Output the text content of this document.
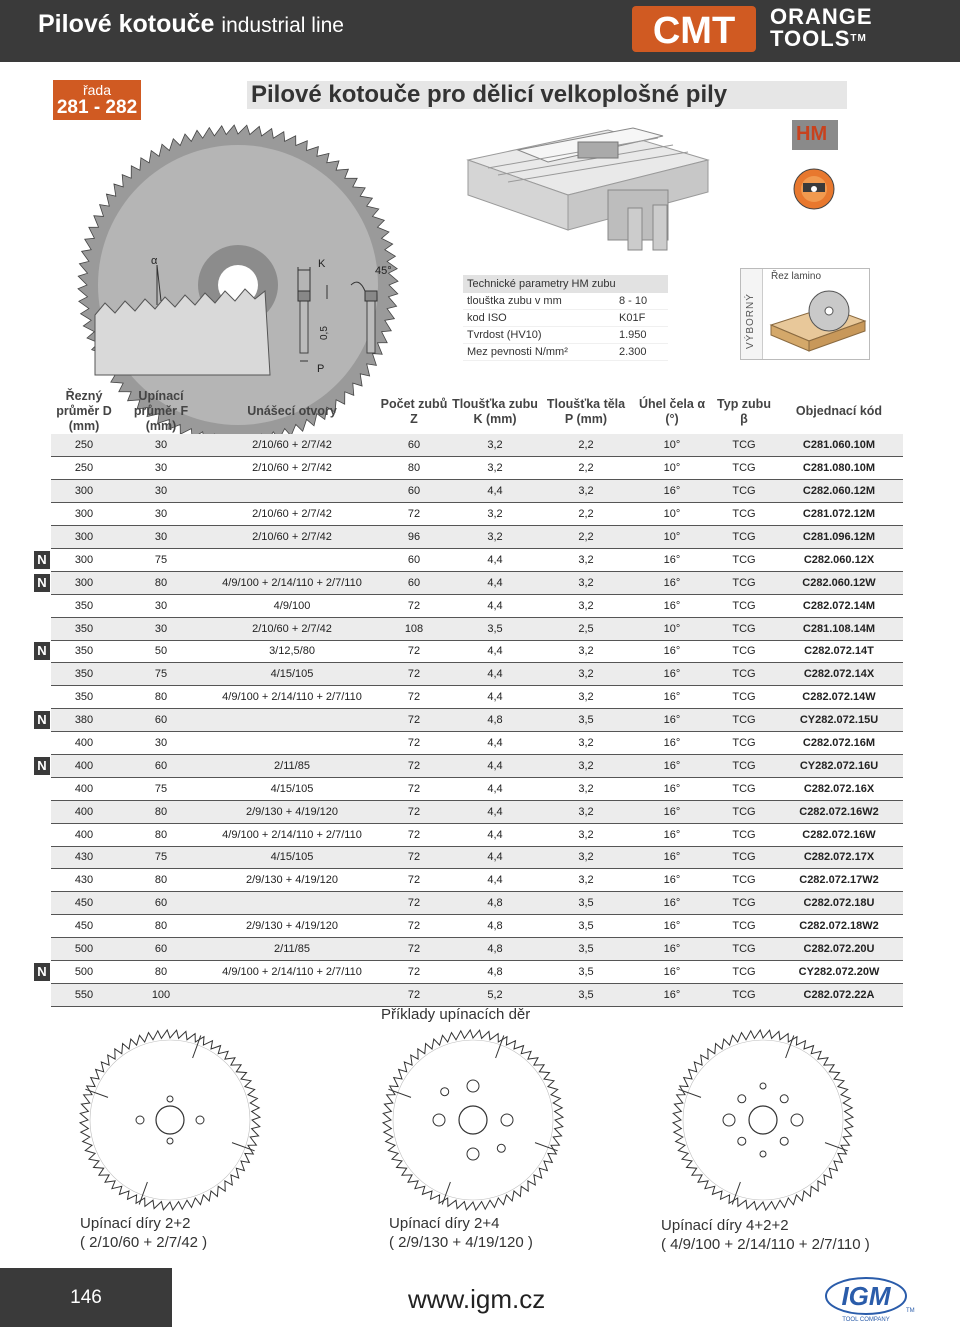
Pilové kotouče industrial line	CMT ORANGE
TOOLS™
řada
281 - 282	Pilové kotouče pro dělicí velkoplošné pily
HM
α	K
P
0,5
45°
Technické parametry HM zubu
tlouštka zubu v mm	8 - 10
kod ISO	K01F
Tvrdost (HV10)	1.950
Mez pevnosti N/mm²	2.300
VÝBORNÝ
Řez lamino
	Řezný průměr D (mm)	Upínací průměr F (mm)	Unášecí otvory	Počet zubů Z	Tloušťka zubu K (mm)	Tloušťka těla P (mm)	Úhel čela α (°)	Typ zubu β	Objednací kód
	250	30	2/10/60 + 2/7/42	60	3,2	2,2	10°	TCG	C281.060.10M
	250	30	2/10/60 + 2/7/42	80	3,2	2,2	10°	TCG	C281.080.10M
	300	30		60	4,4	3,2	16°	TCG	C282.060.12M
	300	30	2/10/60 + 2/7/42	72	3,2	2,2	10°	TCG	C281.072.12M
	300	30	2/10/60 + 2/7/42	96	3,2	2,2	10°	TCG	C281.096.12M
N	300	75		60	4,4	3,2	16°	TCG	C282.060.12X
N	300	80	4/9/100 + 2/14/110 + 2/7/110	60	4,4	3,2	16°	TCG	C282.060.12W
	350	30	4/9/100	72	4,4	3,2	16°	TCG	C282.072.14M
	350	30	2/10/60 + 2/7/42	108	3,5	2,5	10°	TCG	C281.108.14M
N	350	50	3/12,5/80	72	4,4	3,2	16°	TCG	C282.072.14T
	350	75	4/15/105	72	4,4	3,2	16°	TCG	C282.072.14X
	350	80	4/9/100 + 2/14/110 + 2/7/110	72	4,4	3,2	16°	TCG	C282.072.14W
N	380	60		72	4,8	3,5	16°	TCG	CY282.072.15U
	400	30		72	4,4	3,2	16°	TCG	C282.072.16M
N	400	60	2/11/85	72	4,4	3,2	16°	TCG	CY282.072.16U
	400	75	4/15/105	72	4,4	3,2	16°	TCG	C282.072.16X
	400	80	2/9/130 + 4/19/120	72	4,4	3,2	16°	TCG	C282.072.16W2
	400	80	4/9/100 + 2/14/110 + 2/7/110	72	4,4	3,2	16°	TCG	C282.072.16W
	430	75	4/15/105	72	4,4	3,2	16°	TCG	C282.072.17X
	430	80	2/9/130 + 4/19/120	72	4,4	3,2	16°	TCG	C282.072.17W2
	450	60		72	4,8	3,5	16°	TCG	C282.072.18U
	450	80	2/9/130 + 4/19/120	72	4,8	3,5	16°	TCG	C282.072.18W2
	500	60	2/11/85	72	4,8	3,5	16°	TCG	C282.072.20U
N	500	80	4/9/100 + 2/14/110 + 2/7/110	72	4,8	3,5	16°	TCG	CY282.072.20W
	550	100		72	5,2	3,5	16°	TCG	C282.072.22A
Příklady upínacích děr
Upínací díry 2+2
( 2/10/60 + 2/7/42 )
Upínací díry 2+4
( 2/9/130 + 4/19/120 )
Upínací díry 4+2+2
( 4/9/100 + 2/14/110 + 2/7/110 )
146	www.igm.cz	IGM	TM
TOOL COMPANY
